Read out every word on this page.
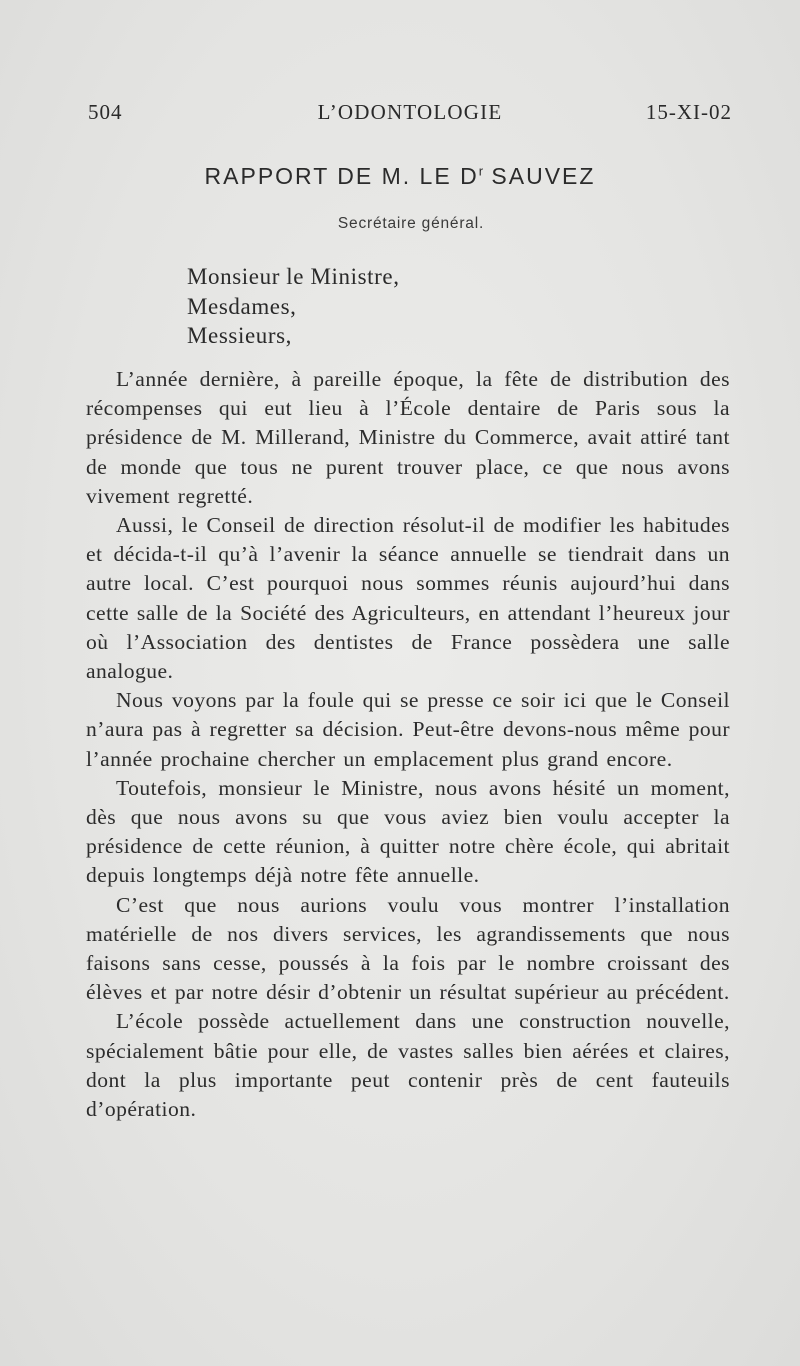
504	L’ODONTOLOGIE	15-XI-02
RAPPORT DE M. LE $D^r$ SAUVEZ
Secrétaire général.
Monsieur le Ministre,
Mesdames,
Messieurs,

L’année dernière, à pareille époque, la fête de distribution des récompenses qui eut lieu à l’École dentaire de Paris sous la présidence de M. Millerand, Ministre du Commerce, avait attiré tant de monde que tous ne purent trouver place, ce que nous avons vivement regretté.

Aussi, le Conseil de direction résolut-il de modifier les habitudes et décida-t-il qu’à l’avenir la séance annuelle se tiendrait dans un autre local. C’est pourquoi nous sommes réunis aujourd’hui dans cette salle de la Société des Agriculteurs, en attendant l’heureux jour où l’Association des dentistes de France possèdera une salle analogue.

Nous voyons par la foule qui se presse ce soir ici que le Conseil n’aura pas à regretter sa décision. Peut-être devons-nous même pour l’année prochaine chercher un emplacement plus grand encore.

Toutefois, monsieur le Ministre, nous avons hésité un moment, dès que nous avons su que vous aviez bien voulu accepter la présidence de cette réunion, à quitter notre chère école, qui abritait depuis longtemps déjà notre fête annuelle.

C’est que nous aurions voulu vous montrer l’installation matérielle de nos divers services, les agrandissements que nous faisons sans cesse, poussés à la fois par le nombre croissant des élèves et par notre désir d’obtenir un résultat supérieur au précédent.

L’école possède actuellement dans une construction nouvelle, spécialement bâtie pour elle, de vastes salles bien aérées et claires, dont la plus importante peut contenir près de cent fauteuils d’opération.
